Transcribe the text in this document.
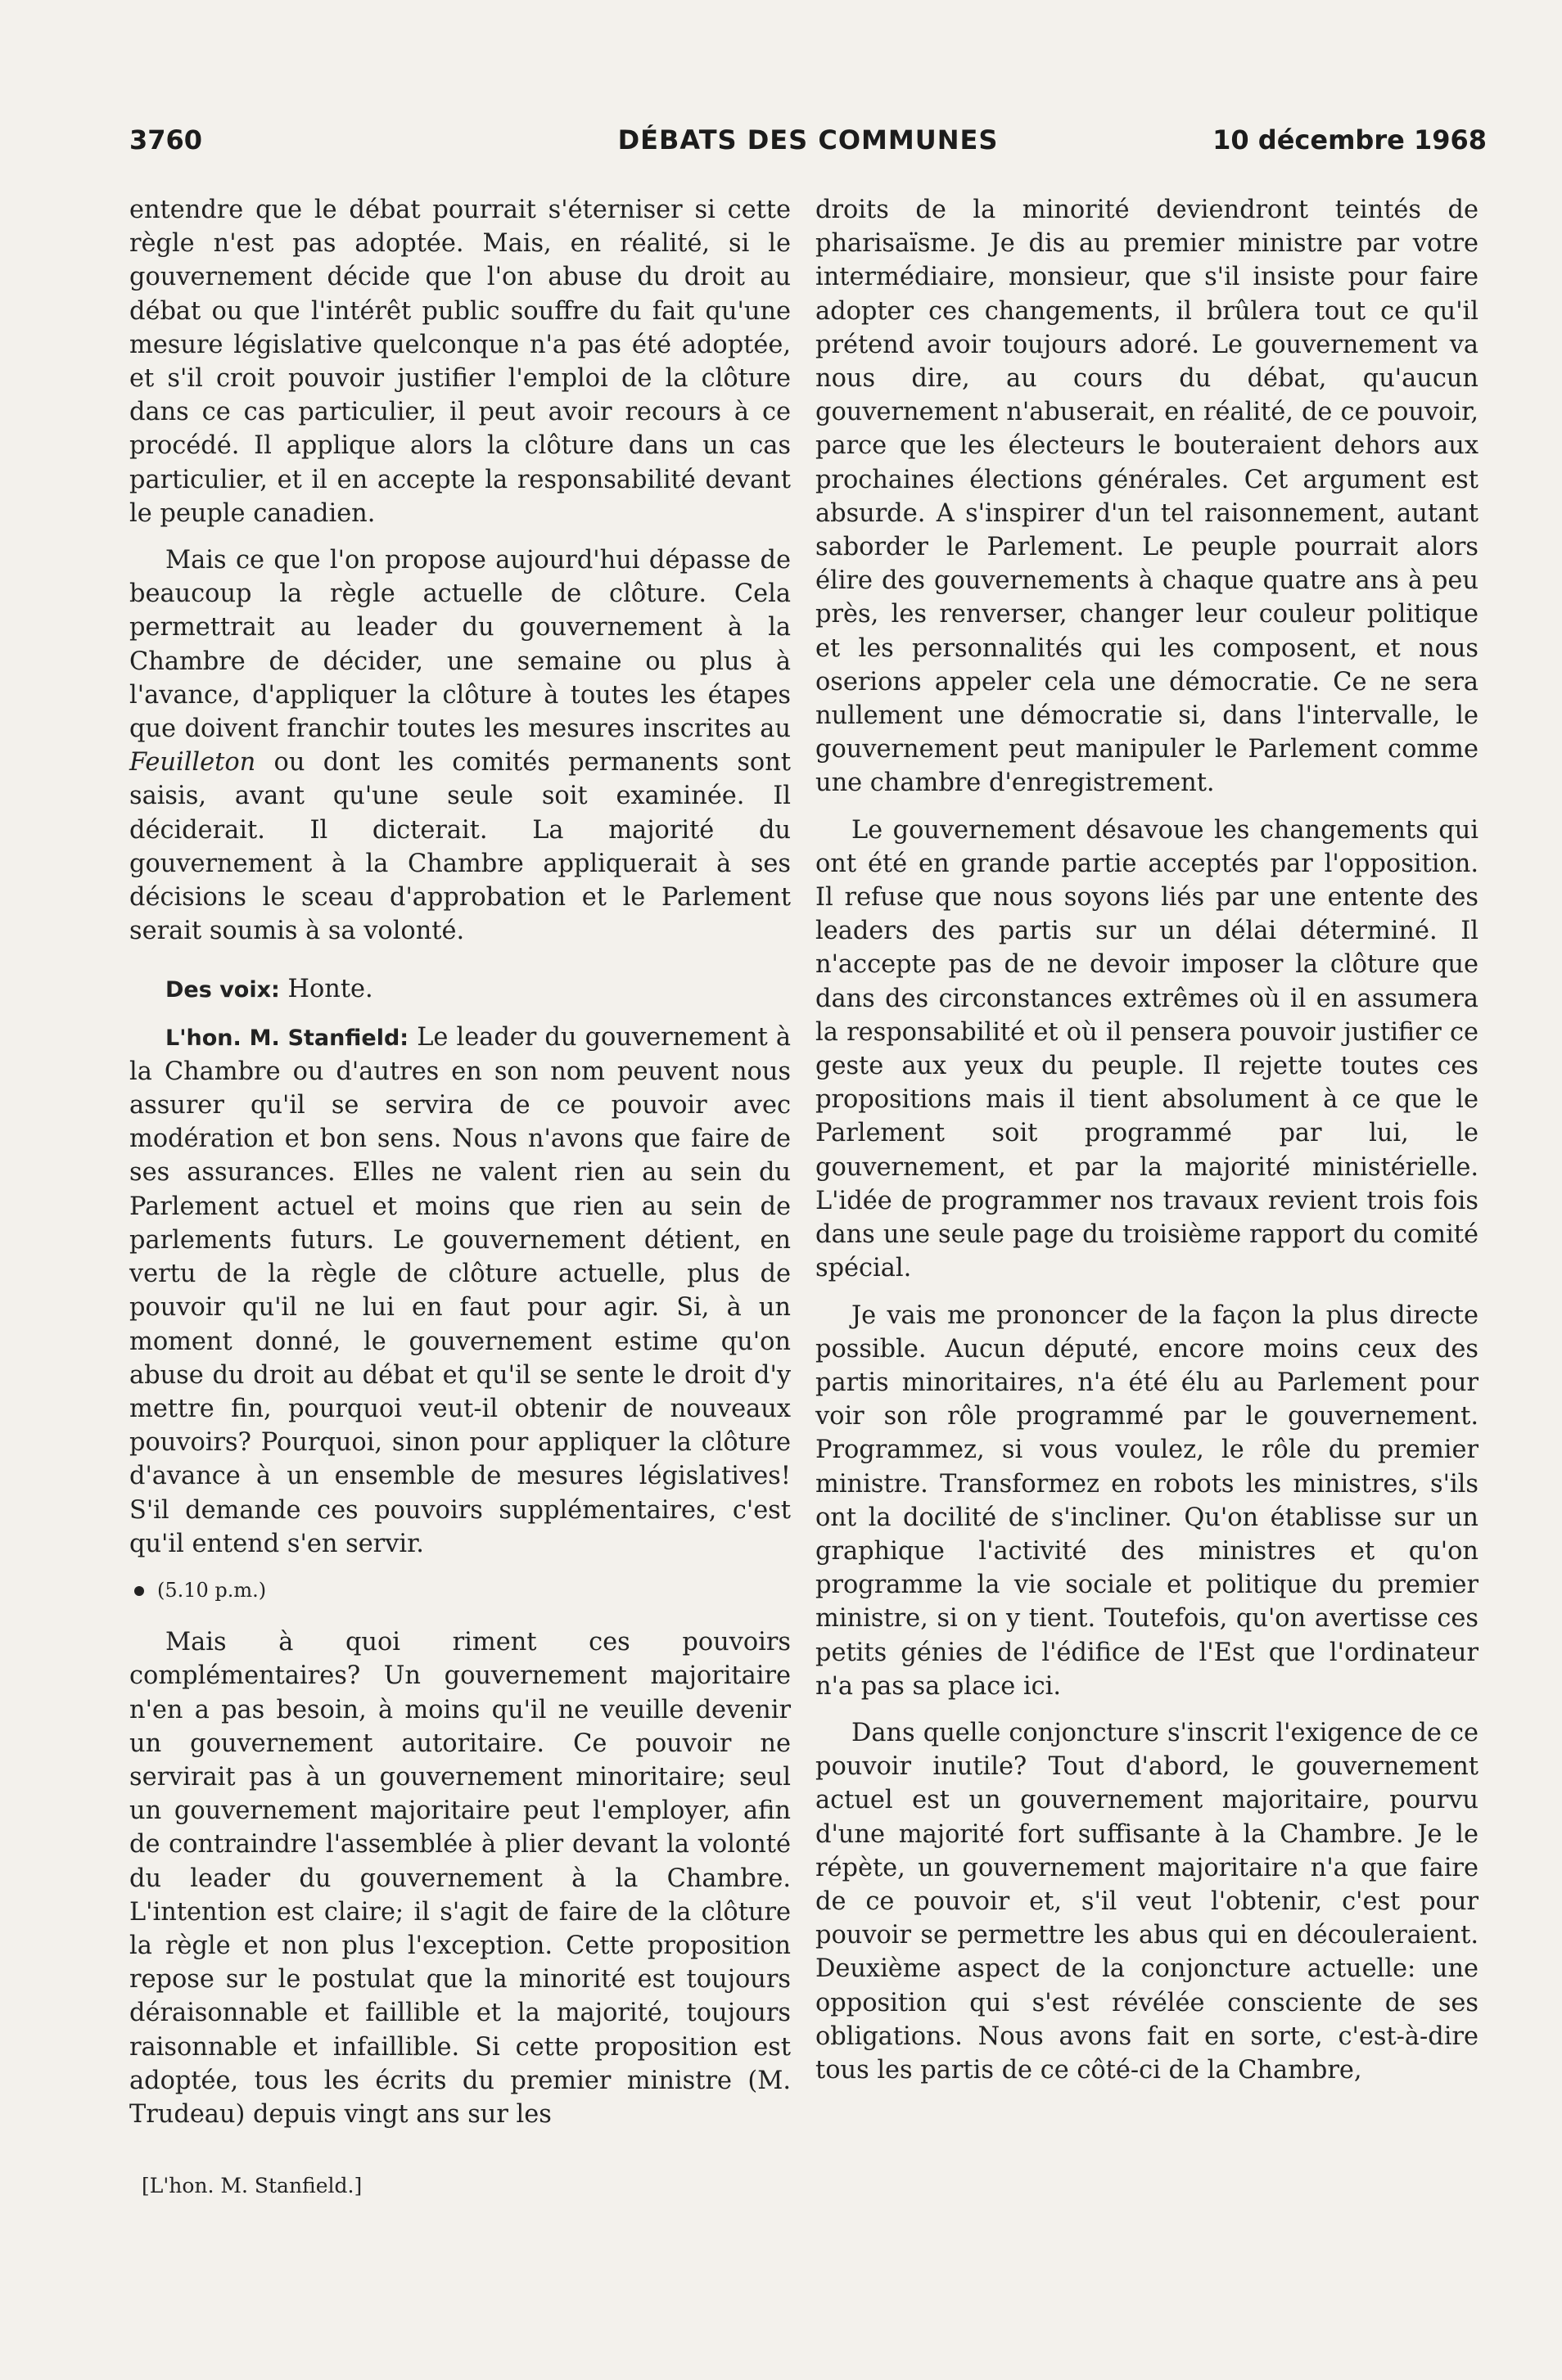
3760	DÉBATS DES COMMUNES	10 décembre 1968

entendre que le débat pourrait s'éterniser si cette règle n'est pas adoptée. Mais, en réalité, si le gouvernement décide que l'on abuse du droit au débat ou que l'intérêt public souffre du fait qu'une mesure législative quelconque n'a pas été adoptée, et s'il croit pouvoir justifier l'emploi de la clôture dans ce cas particulier, il peut avoir recours à ce procédé. Il applique alors la clôture dans un cas particulier, et il en accepte la responsabilité devant le peuple canadien.

Mais ce que l'on propose aujourd'hui dépasse de beaucoup la règle actuelle de clôture. Cela permettrait au leader du gouvernement à la Chambre de décider, une semaine ou plus à l'avance, d'appliquer la clôture à toutes les étapes que doivent franchir toutes les mesures inscrites au Feuilleton ou dont les comités permanents sont saisis, avant qu'une seule soit examinée. Il déciderait. Il dicterait. La majorité du gouvernement à la Chambre appliquerait à ses décisions le sceau d'approbation et le Parlement serait soumis à sa volonté.

Des voix: Honte.

L'hon. M. Stanfield: Le leader du gouvernement à la Chambre ou d'autres en son nom peuvent nous assurer qu'il se servira de ce pouvoir avec modération et bon sens. Nous n'avons que faire de ses assurances. Elles ne valent rien au sein du Parlement actuel et moins que rien au sein de parlements futurs. Le gouvernement détient, en vertu de la règle de clôture actuelle, plus de pouvoir qu'il ne lui en faut pour agir. Si, à un moment donné, le gouvernement estime qu'on abuse du droit au débat et qu'il se sente le droit d'y mettre fin, pourquoi veut-il obtenir de nouveaux pouvoirs? Pourquoi, sinon pour appliquer la clôture d'avance à un ensemble de mesures législatives! S'il demande ces pouvoirs supplémentaires, c'est qu'il entend s'en servir.

(5.10 p.m.)

Mais à quoi riment ces pouvoirs complémentaires? Un gouvernement majoritaire n'en a pas besoin, à moins qu'il ne veuille devenir un gouvernement autoritaire. Ce pouvoir ne servirait pas à un gouvernement minoritaire; seul un gouvernement majoritaire peut l'employer, afin de contraindre l'assemblée à plier devant la volonté du leader du gouvernement à la Chambre. L'intention est claire; il s'agit de faire de la clôture la règle et non plus l'exception. Cette proposition repose sur le postulat que la minorité est toujours déraisonnable et faillible et la majorité, toujours raisonnable et infaillible. Si cette proposition est adoptée, tous les écrits du premier ministre (M. Trudeau) depuis vingt ans sur les

[L'hon. M. Stanfield.]

droits de la minorité deviendront teintés de pharisaïsme. Je dis au premier ministre par votre intermédiaire, monsieur, que s'il insiste pour faire adopter ces changements, il brûlera tout ce qu'il prétend avoir toujours adoré. Le gouvernement va nous dire, au cours du débat, qu'aucun gouvernement n'abuserait, en réalité, de ce pouvoir, parce que les électeurs le bouteraient dehors aux prochaines élections générales. Cet argument est absurde. A s'inspirer d'un tel raisonnement, autant saborder le Parlement. Le peuple pourrait alors élire des gouvernements à chaque quatre ans à peu près, les renverser, changer leur couleur politique et les personnalités qui les composent, et nous oserions appeler cela une démocratie. Ce ne sera nullement une démocratie si, dans l'intervalle, le gouvernement peut manipuler le Parlement comme une chambre d'enregistrement.

Le gouvernement désavoue les changements qui ont été en grande partie acceptés par l'opposition. Il refuse que nous soyons liés par une entente des leaders des partis sur un délai déterminé. Il n'accepte pas de ne devoir imposer la clôture que dans des circonstances extrêmes où il en assumera la responsabilité et où il pensera pouvoir justifier ce geste aux yeux du peuple. Il rejette toutes ces propositions mais il tient absolument à ce que le Parlement soit programmé par lui, le gouvernement, et par la majorité ministérielle. L'idée de programmer nos travaux revient trois fois dans une seule page du troisième rapport du comité spécial.

Je vais me prononcer de la façon la plus directe possible. Aucun député, encore moins ceux des partis minoritaires, n'a été élu au Parlement pour voir son rôle programmé par le gouvernement. Programmez, si vous voulez, le rôle du premier ministre. Transformez en robots les ministres, s'ils ont la docilité de s'incliner. Qu'on établisse sur un graphique l'activité des ministres et qu'on programme la vie sociale et politique du premier ministre, si on y tient. Toutefois, qu'on avertisse ces petits génies de l'édifice de l'Est que l'ordinateur n'a pas sa place ici.

Dans quelle conjoncture s'inscrit l'exigence de ce pouvoir inutile? Tout d'abord, le gouvernement actuel est un gouvernement majoritaire, pourvu d'une majorité fort suffisante à la Chambre. Je le répète, un gouvernement majoritaire n'a que faire de ce pouvoir et, s'il veut l'obtenir, c'est pour pouvoir se permettre les abus qui en découleraient. Deuxième aspect de la conjoncture actuelle: une opposition qui s'est révélée consciente de ses obligations. Nous avons fait en sorte, c'est-à-dire tous les partis de ce côté-ci de la Chambre,
